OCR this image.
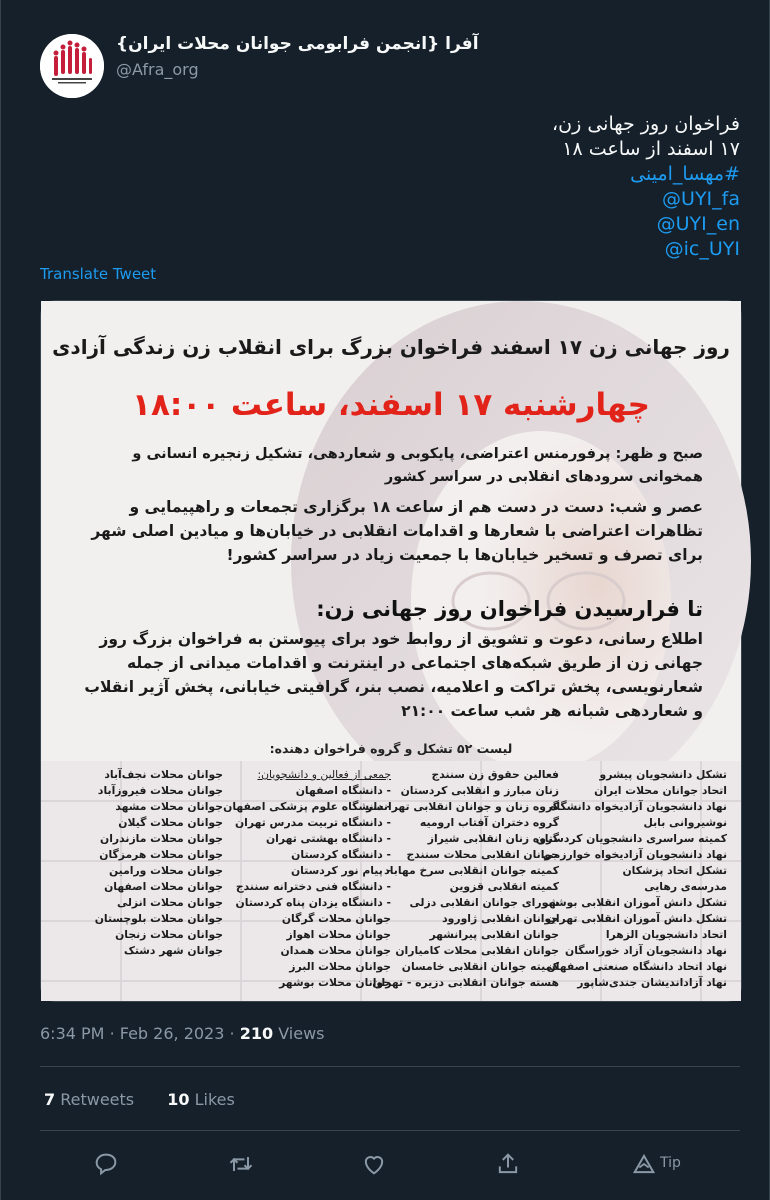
آفرا {انجمن فرابومی جوانان محلات ایران}
@Afra_org
فراخوان روز جهانی زن،
۱۷ اسفند از ساعت ۱۸
#مهسا_امینی
@UYI_fa
@UYI_en
@ic_UYI
Translate Tweet
روز جهانی زن ۱۷ اسفند فراخوان بزرگ برای انقلاب زن زندگی آزادی
چهارشنبه ۱۷ اسفند، ساعت ۱۸:۰۰
صبح و ظهر: پرفورمنس اعتراضی، پایکوبی و شعاردهی، تشکیل زنجیره انسانی و همخوانی سرودهای انقلابی در سراسر کشور
عصر و شب: دست در دست هم از ساعت ۱۸ برگزاری تجمعات و راهپیمایی و تظاهرات اعتراضی با شعارها و اقدامات انقلابی در خیابان‌ها و میادین اصلی شهر برای تصرف و تسخیر خیابان‌ها با جمعیت زیاد در سراسر کشور!
تا فرارسیدن فراخوان روز جهانی زن:
اطلاع رسانی، دعوت و تشویق از روابط خود برای پیوستن به فراخوان بزرگ روز جهانی زن از طریق شبکه‌های اجتماعی در اینترنت و اقدامات میدانی از جمله شعارنویسی، پخش تراکت و اعلامیه، نصب بنر، گرافیتی خیابانی، پخش آژیر انقلاب و شعاردهی شبانه هر شب ساعت ۲۱:۰۰
لیست ۵۲ تشکل و گروه فراخوان دهنده:
تشکل دانشجویان پیشرو
اتحاد جوانان محلات ایران
نهاد دانشجویان آزادیخواه دانشگاه
نوشیروانی بابل
کمیته سراسری دانشجویان کردستان
نهاد دانشجویان آزادیخواه خوارزمی
تشکل اتحاد پزشکان
مدرسه‌ی رهایی
تشکل دانش آموزان انقلابی بوشهر
تشکل دانش آموزان انقلابی تهران
اتحاد دانشجویان الزهرا
نهاد دانشجویان آزاد خوراسگان
نهاد اتحاد دانشگاه صنعتی اصفهان
نهاد آزاداندیشان جندی‌شاپور
فعالین حقوق زن سنندج
زنان مبارز و انقلابی کردستان
گروه زنان و جوانان انقلابی تهرانسر
گروه دختران آفتاب ارومیه
گروه زنان انقلابی شیراز
جوانان انقلابی محلات سنندج
کمیته جوانان انقلابی سرخ مهاباد
کمیته انقلابی قزوین
شورای جوانان انقلابی دزلی
جوانان انقلابی ژاورود
جوانان انقلابی پیرانشهر
جوانان انقلابی محلات کامیاران
کمیته جوانان انقلابی خامسان
هسته جوانان انقلابی دزیره - تهران
جمعی از فعالین و دانشجویان:
- دانشگاه اصفهان
- دانشگاه علوم پزشکی اصفهان
- دانشگاه تربیت مدرس تهران
- دانشگاه بهشتی تهران
- دانشگاه کردستان
- پیام نور کردستان
- دانشگاه فنی دخترانه سنندج
- دانشگاه یزدان پناه کردستان
جوانان محلات گرگان
جوانان محلات اهواز
جوانان محلات همدان
جوانان محلات البرز
جوانان محلات بوشهر
جوانان محلات نجف‌آباد
جوانان محلات فیروزآباد
جوانان محلات مشهد
جوانان محلات گیلان
جوانان محلات مازندران
جوانان محلات هرمزگان
جوانان محلات ورامین
جوانان محلات اصفهان
جوانان محلات انزلی
جوانان محلات بلوچستان
جوانان محلات زنجان
جوانان شهر دشتک
6:34 PM · Feb 26, 2023 · 210 Views
7 Retweets 10 Likes
Tip
